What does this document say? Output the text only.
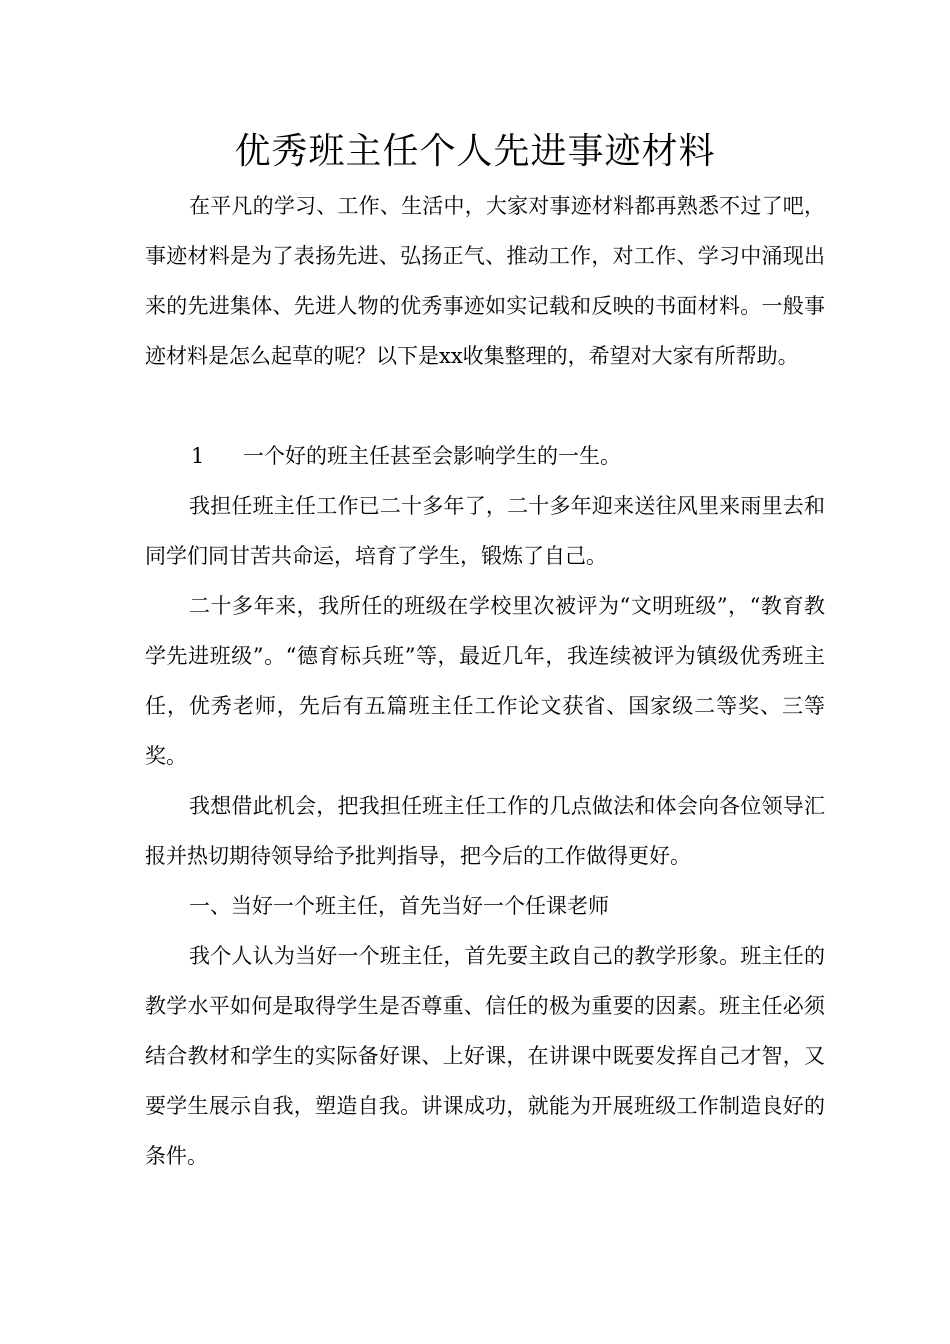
优秀班主任个人先进事迹材料

在平凡的学习、工作、生活中，大家对事迹材料都再熟悉不过了吧，事迹材料是为了表扬先进、弘扬正气、推动工作，对工作、学习中涌现出来的先进集体、先进人物的优秀事迹如实记载和反映的书面材料。一般事迹材料是怎么起草的呢？以下是xx收集整理的，希望对大家有所帮助。

1 一个好的班主任甚至会影响学生的一生。

我担任班主任工作已二十多年了，二十多年迎来送往风里来雨里去和同学们同甘苦共命运，培育了学生，锻炼了自己。

二十多年来，我所任的班级在学校里次被评为“文明班级”，“教育教学先进班级”。“德育标兵班”等，最近几年，我连续被评为镇级优秀班主任，优秀老师，先后有五篇班主任工作论文获省、国家级二等奖、三等奖。

我想借此机会，把我担任班主任工作的几点做法和体会向各位领导汇报并热切期待领导给予批判指导，把今后的工作做得更好。

一、当好一个班主任，首先当好一个任课老师

我个人认为当好一个班主任，首先要主政自己的教学形象。班主任的教学水平如何是取得学生是否尊重、信任的极为重要的因素。班主任必须结合教材和学生的实际备好课、上好课，在讲课中既要发挥自己才智，又要学生展示自我，塑造自我。讲课成功，就能为开展班级工作制造良好的条件。
